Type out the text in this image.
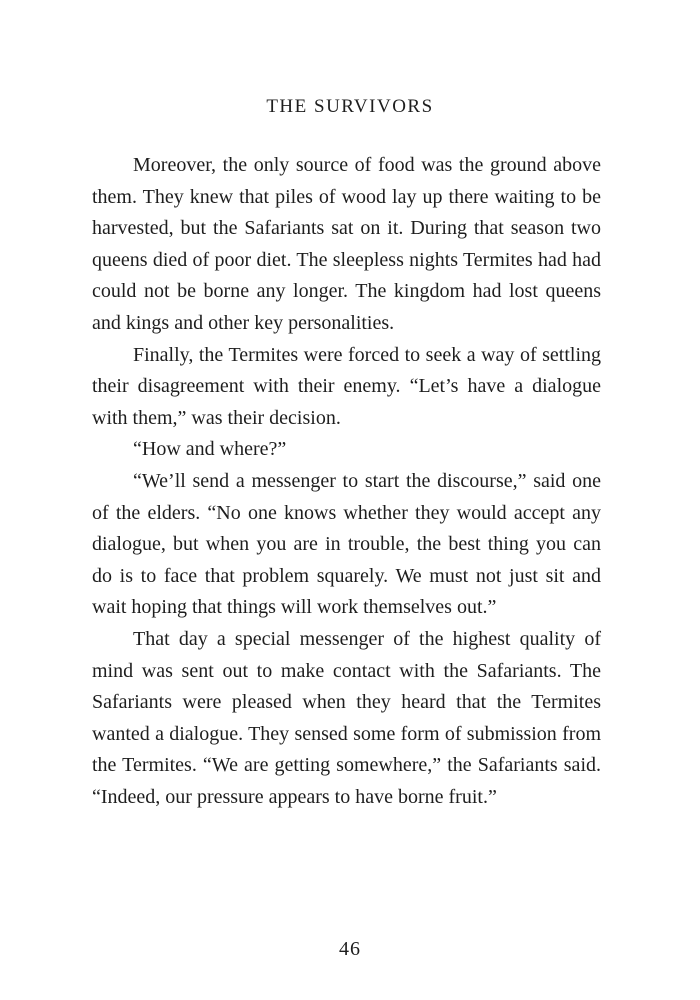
THE SURVIVORS

Moreover, the only source of food was the ground above them. They knew that piles of wood lay up there waiting to be harvested, but the Safariants sat on it. During that season two queens died of poor diet. The sleepless nights Termites had had could not be borne any longer. The kingdom had lost queens and kings and other key personalities.

Finally, the Termites were forced to seek a way of settling their disagreement with their enemy. “Let’s have a dialogue with them,” was their decision.

“How and where?”

“We’ll send a messenger to start the discourse,” said one of the elders. “No one knows whether they would accept any dialogue, but when you are in trouble, the best thing you can do is to face that problem squarely. We must not just sit and wait hoping that things will work themselves out.”

That day a special messenger of the highest quality of mind was sent out to make contact with the Safariants. The Safariants were pleased when they heard that the Termites wanted a dialogue. They sensed some form of submission from the Termites. “We are getting somewhere,” the Safariants said. “Indeed, our pressure appears to have borne fruit.”

46
